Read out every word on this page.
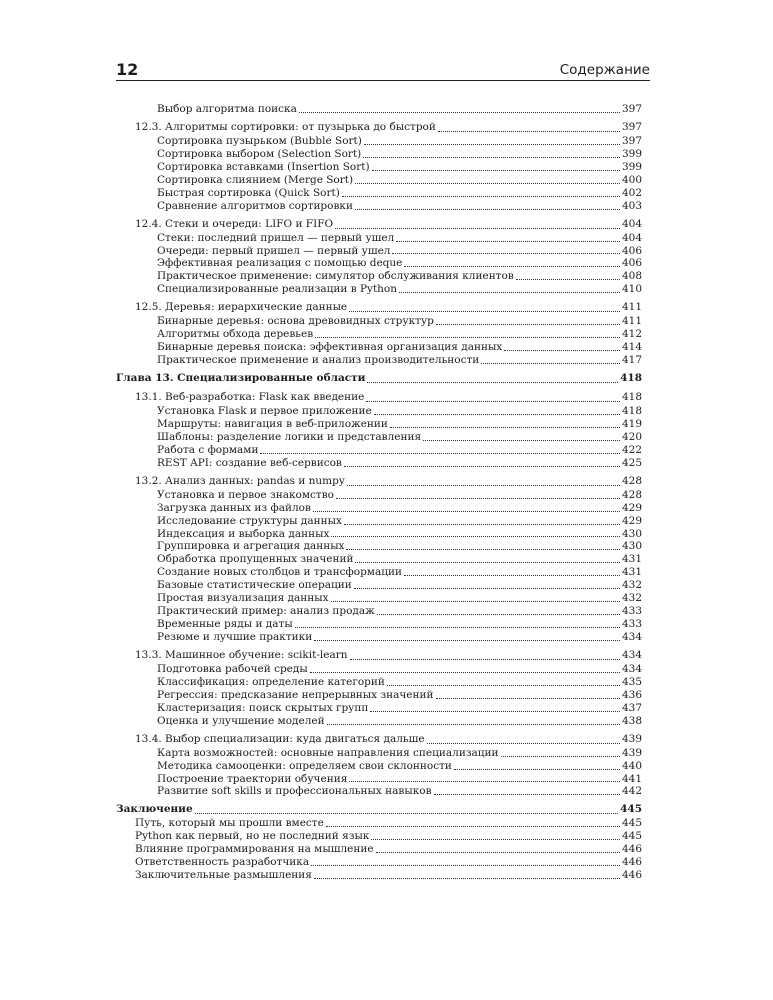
12	Содержание
Выбор алгоритма поиска	397
12.3. Алгоритмы сортировки: от пузырька до быстрой	397
Сортировка пузырьком (Bubble Sort)	397
Сортировка выбором (Selection Sort)	399
Сортировка вставками (Insertion Sort)	399
Сортировка слиянием (Merge Sort)	400
Быстрая сортировка (Quick Sort)	402
Сравнение алгоритмов сортировки	403
12.4. Стеки и очереди: LIFO и FIFO	404
Стеки: последний пришел — первый ушел	404
Очереди: первый пришел — первый ушел	406
Эффективная реализация с помощью deque	406
Практическое применение: симулятор обслуживания клиентов	408
Специализированные реализации в Python	410
12.5. Деревья: иерархические данные	411
Бинарные деревья: основа древовидных структур	411
Алгоритмы обхода деревьев	412
Бинарные деревья поиска: эффективная организация данных	414
Практическое применение и анализ производительности	417
Глава 13. Специализированные области	418
13.1. Веб-разработка: Flask как введение	418
Установка Flask и первое приложение	418
Маршруты: навигация в веб-приложении	419
Шаблоны: разделение логики и представления	420
Работа с формами	422
REST API: создание веб-сервисов	425
13.2. Анализ данных: pandas и numpy	428
Установка и первое знакомство	428
Загрузка данных из файлов	429
Исследование структуры данных	429
Индексация и выборка данных	430
Группировка и агрегация данных	430
Обработка пропущенных значений	431
Создание новых столбцов и трансформации	431
Базовые статистические операции	432
Простая визуализация данных	432
Практический пример: анализ продаж	433
Временные ряды и даты	433
Резюме и лучшие практики	434
13.3. Машинное обучение: scikit-learn	434
Подготовка рабочей среды	434
Классификация: определение категорий	435
Регрессия: предсказание непрерывных значений	436
Кластеризация: поиск скрытых групп	437
Оценка и улучшение моделей	438
13.4. Выбор специализации: куда двигаться дальше	439
Карта возможностей: основные направления специализации	439
Методика самооценки: определяем свои склонности	440
Построение траектории обучения	441
Развитие soft skills и профессиональных навыков	442
Заключение	445
Путь, который мы прошли вместе	445
Python как первый, но не последний язык	445
Влияние программирования на мышление	446
Ответственность разработчика	446
Заключительные размышления	446
